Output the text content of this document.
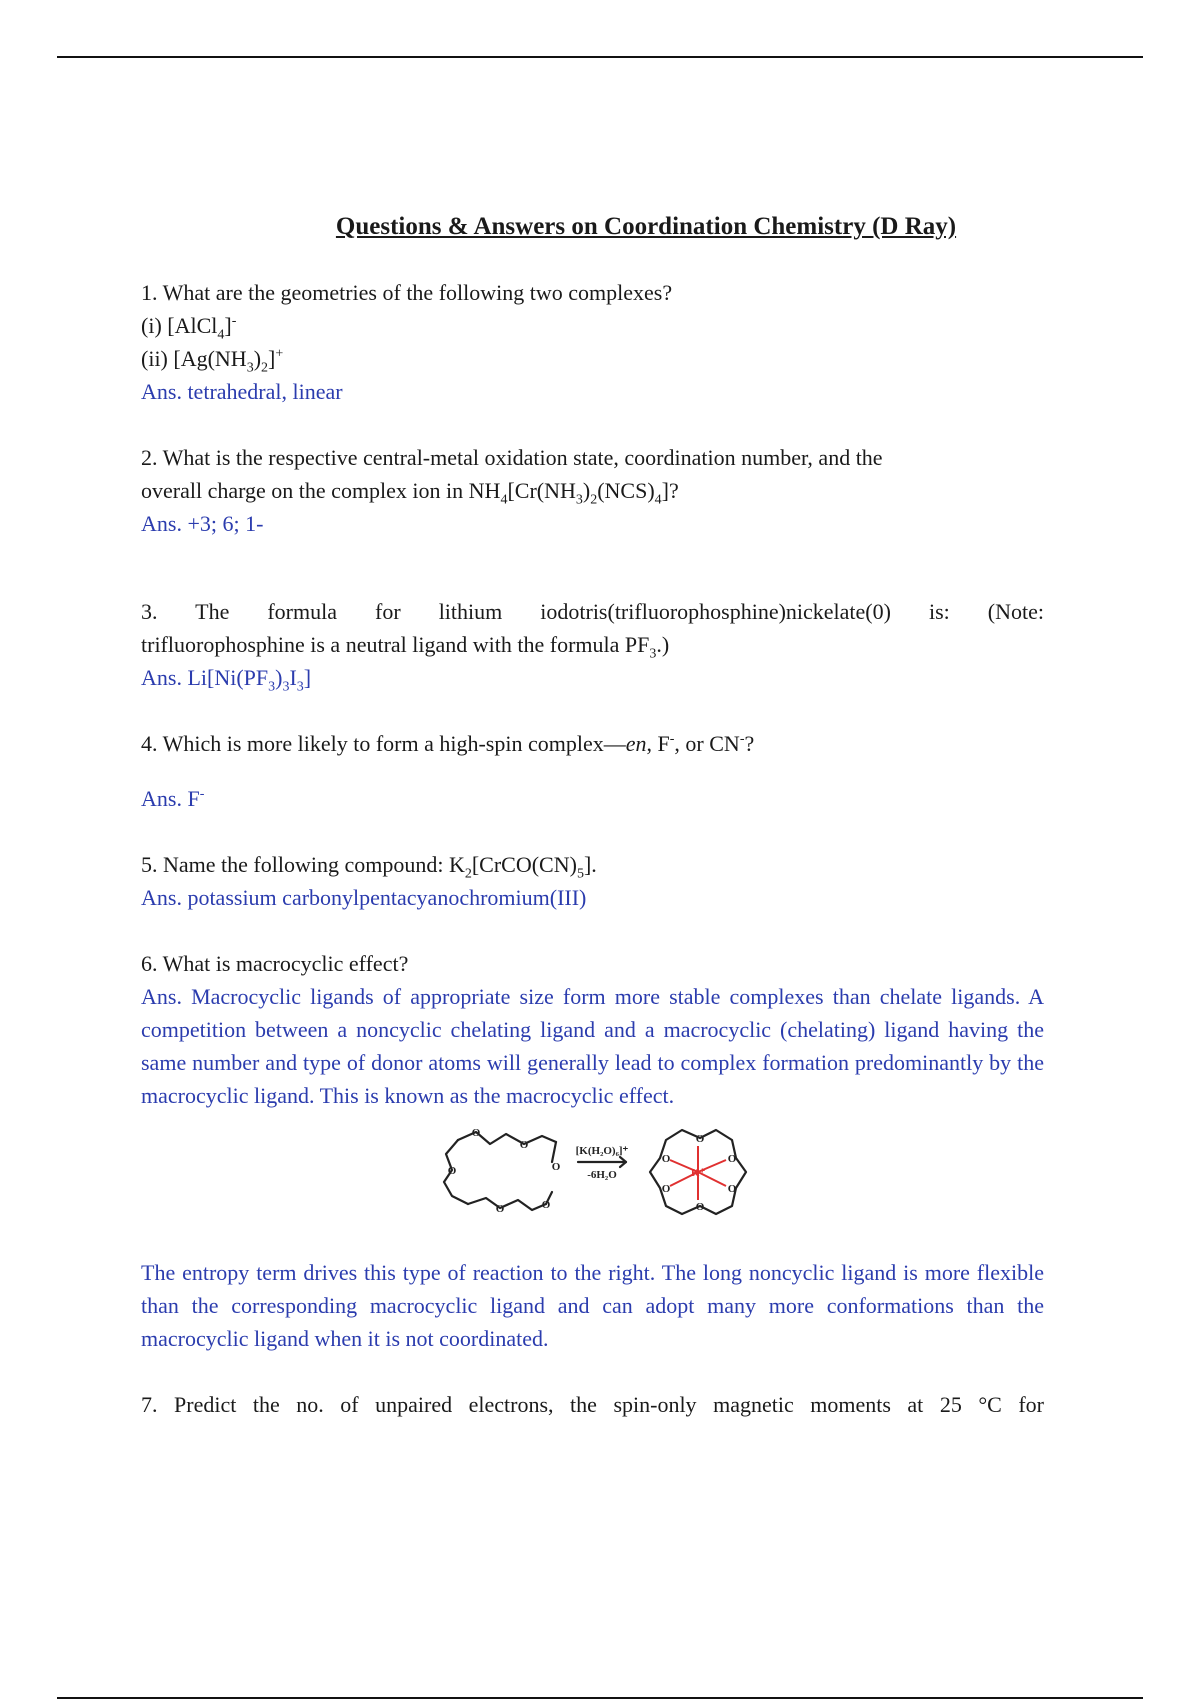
Questions & Answers on Coordination Chemistry (D Ray)

1. What are the geometries of the following two complexes?

(i) [AlCl$_4$]-

(ii) $[Ag(NH_3)_2]^+$

Ans. tetrahedral, linear

2. What is the respective central-metal oxidation state, coordination number, and the

overall charge on the complex ion in $NH_4[Cr(NH_3)_2(NCS)_4]$?

Ans. +3; 6; 1-

3. The formula for lithium iodotris(trifluorophosphine)nickelate(0) is: (Note:

trifluorophosphine is a neutral ligand with the formula $PF_3$.)

Ans. $Li[Ni(PF_3)_3I_3]$

4. Which is more likely to form a high-spin complex—en, F-, or CN-?

Ans. F-

5. Name the following compound: $K_2[CrCO(CN)_5]$.

Ans. potassium carbonylpentacyanochromium(III)

6. What is macrocyclic effect?

Ans. Macrocyclic ligands of appropriate size form more stable complexes than chelate ligands. A competition between a noncyclic chelating ligand and a macrocyclic (chelating) ligand having the same number and type of donor atoms will generally lead to complex formation predominantly by the macrocyclic ligand. This is known as the macrocyclic effect.

O
O
O
O
O
O
O
O	O
O	O
O
[K(H₂O)₆]⁺
-6H₂O	K⁺

The entropy term drives this type of reaction to the right. The long noncyclic ligand is more flexible than the corresponding macrocyclic ligand and can adopt many more conformations than the macrocyclic ligand when it is not coordinated.

7. Predict the no. of unpaired electrons, the spin-only magnetic moments at 25 °C for
